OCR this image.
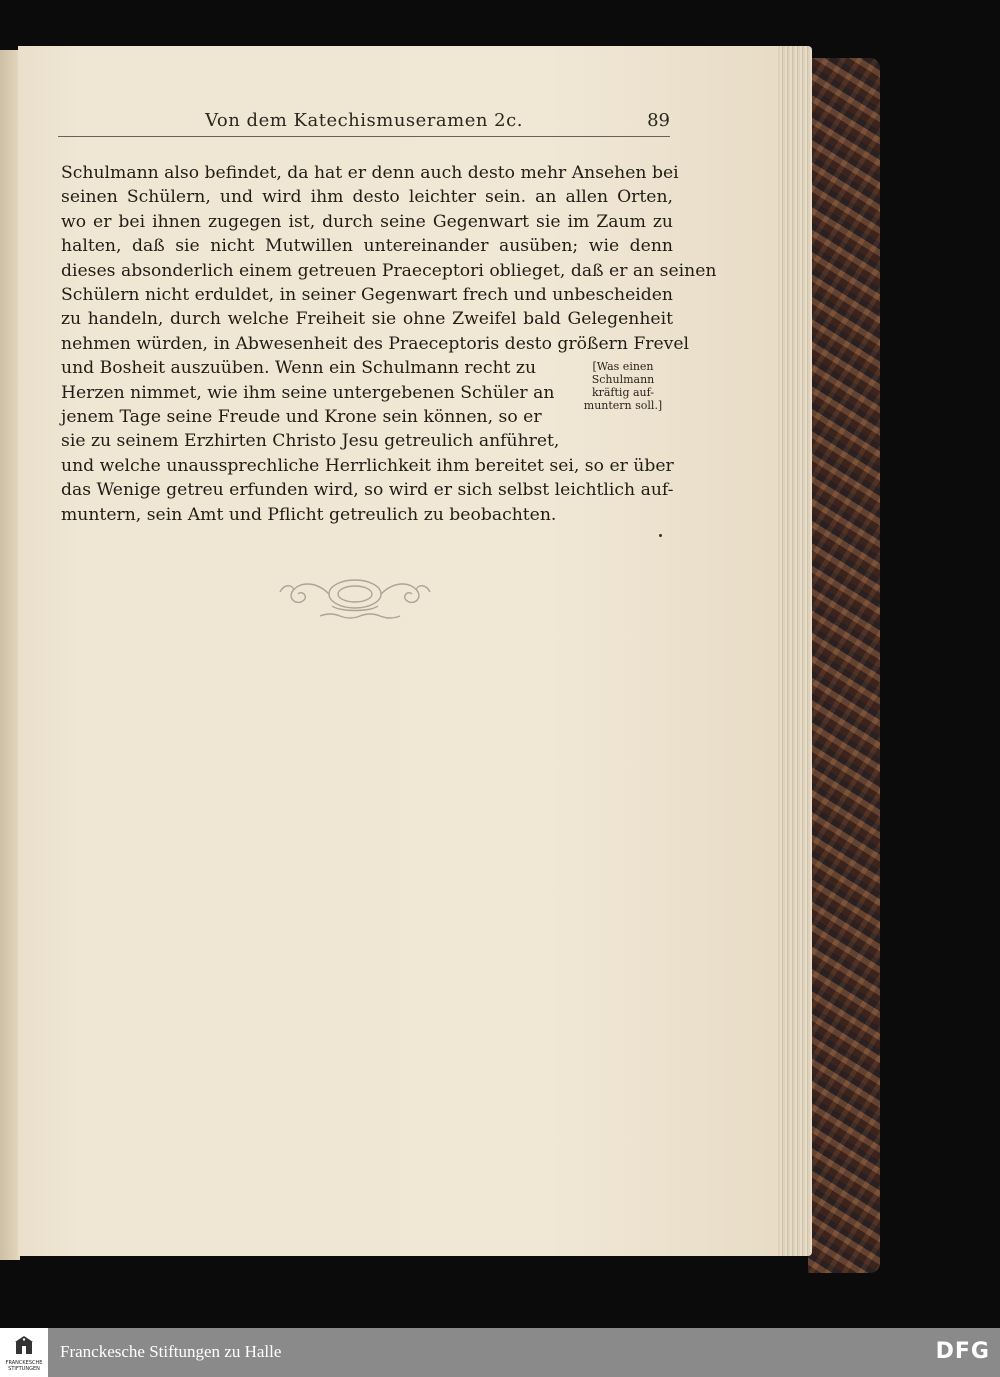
Von dem Katechismuseramen 2c.	89
Schulmann also befindet, da hat er denn auch desto mehr Ansehen bei
seinen Schülern, und wird ihm desto leichter sein. an allen Orten,
wo er bei ihnen zugegen ist, durch seine Gegenwart sie im Zaum zu
halten, daß sie nicht Mutwillen untereinander ausüben; wie denn
dieses absonderlich einem getreuen Praeceptori oblieget, daß er an seinen
Schülern nicht erduldet, in seiner Gegenwart frech und unbescheiden
zu handeln, durch welche Freiheit sie ohne Zweifel bald Gelegenheit
nehmen würden, in Abwesenheit des Praeceptoris desto größern Frevel
und Bosheit auszuüben. Wenn ein Schulmann recht zu
Herzen nimmet, wie ihm seine untergebenen Schüler an
jenem Tage seine Freude und Krone sein können, so er
sie zu seinem Erzhirten Christo Jesu getreulich anführet,
und welche unaussprechliche Herrlichkeit ihm bereitet sei, so er über
das Wenige getreu erfunden wird, so wird er sich selbst leichtlich auf-
muntern, sein Amt und Pflicht getreulich zu beobachten.
[Was einen
Schulmann
kräftig auf-
muntern soll.]
FRANCKESCHE
STIFTUNGEN
Franckesche Stiftungen zu Halle	DFG
